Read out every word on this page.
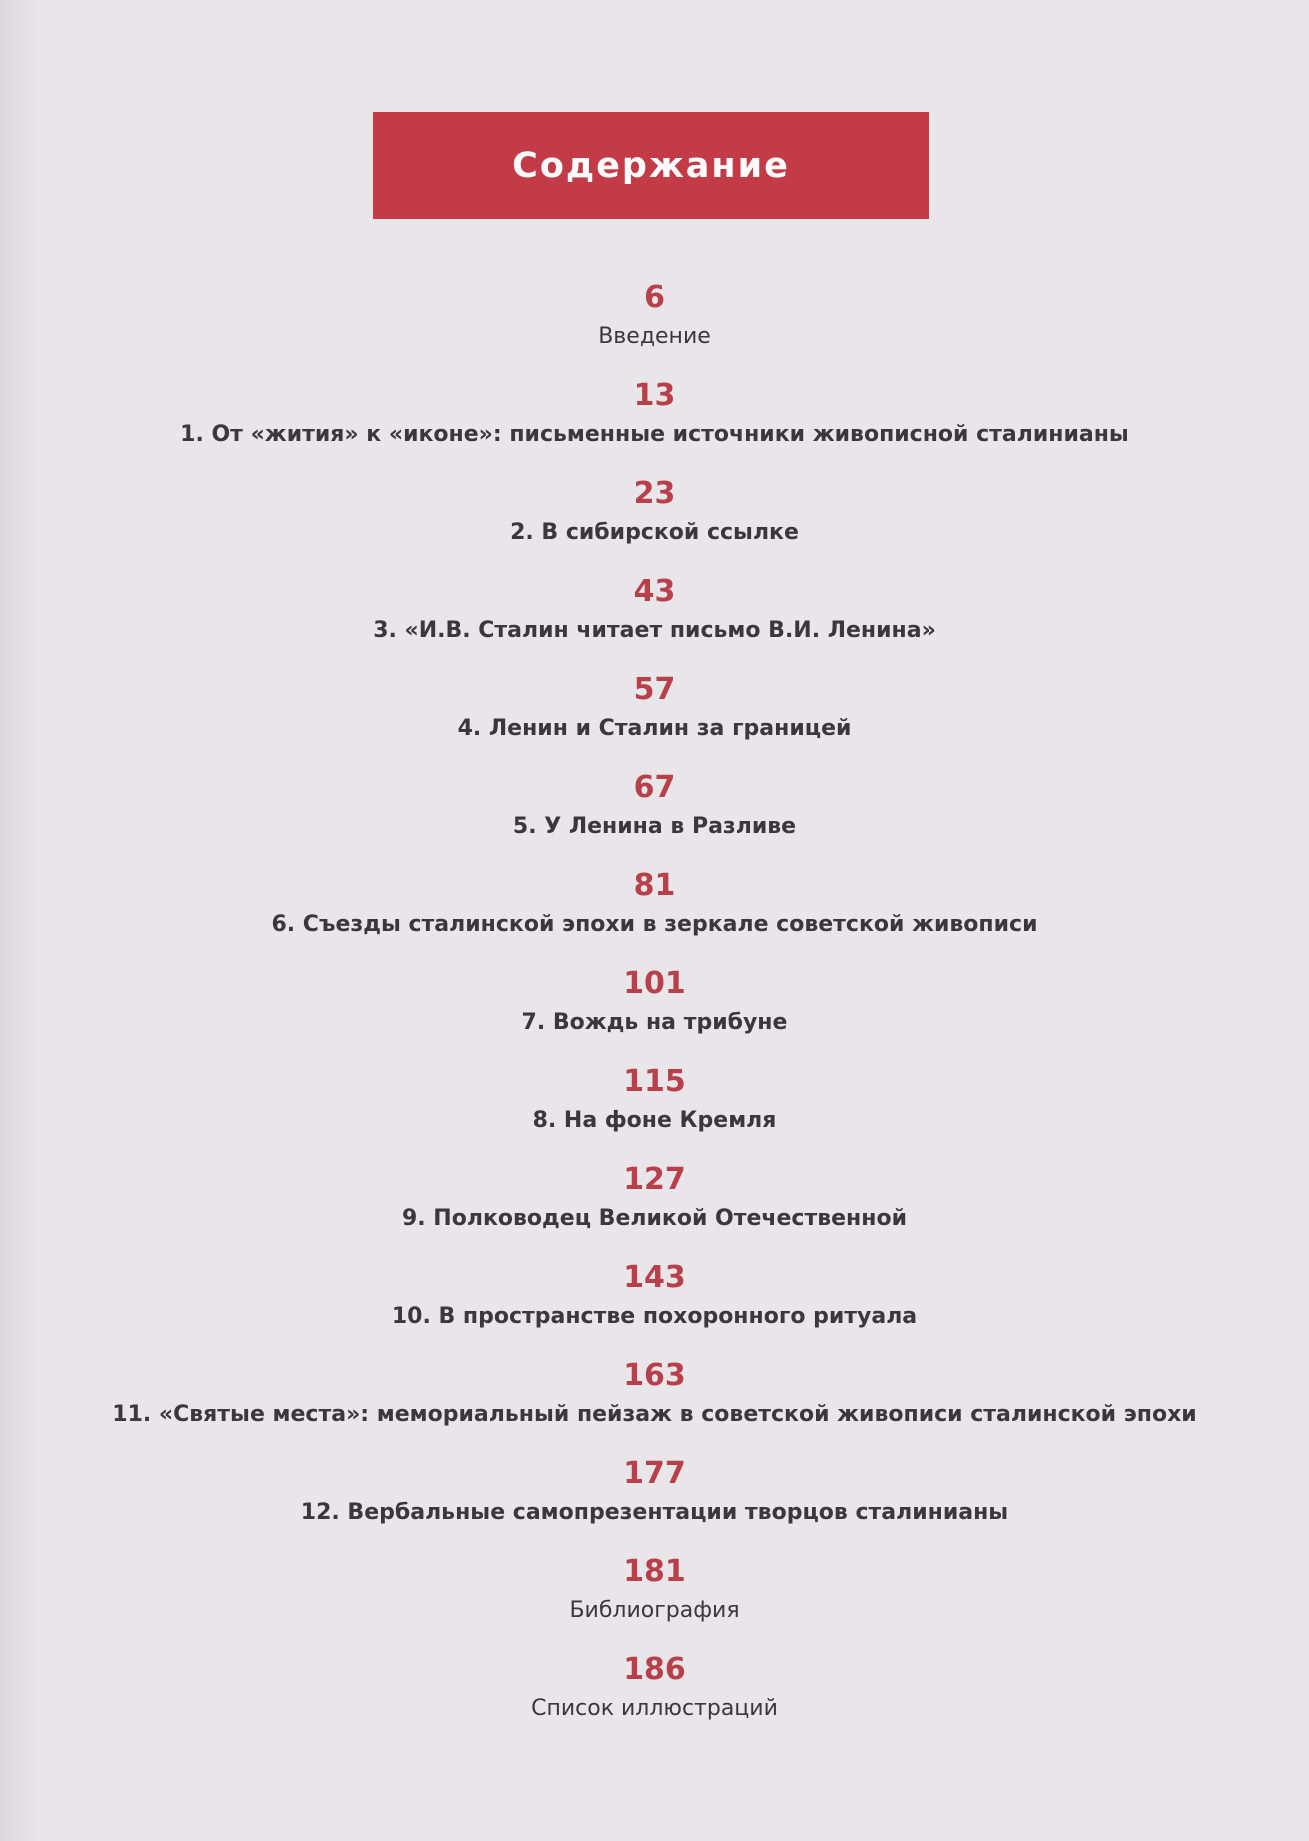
Содержание
6
Введение
13
1. От «жития» к «иконе»: письменные источники живописной сталинианы
23
2. В сибирской ссылке
43
3. «И.В. Сталин читает письмо В.И. Ленина»
57
4. Ленин и Сталин за границей
67
5. У Ленина в Разливе
81
6. Съезды сталинской эпохи в зеркале советской живописи
101
7. Вождь на трибуне
115
8. На фоне Кремля
127
9. Полководец Великой Отечественной
143
10. В пространстве похоронного ритуала
163
11. «Святые места»: мемориальный пейзаж в советской живописи сталинской эпохи
177
12. Вербальные самопрезентации творцов сталинианы
181
Библиография
186
Список иллюстраций
